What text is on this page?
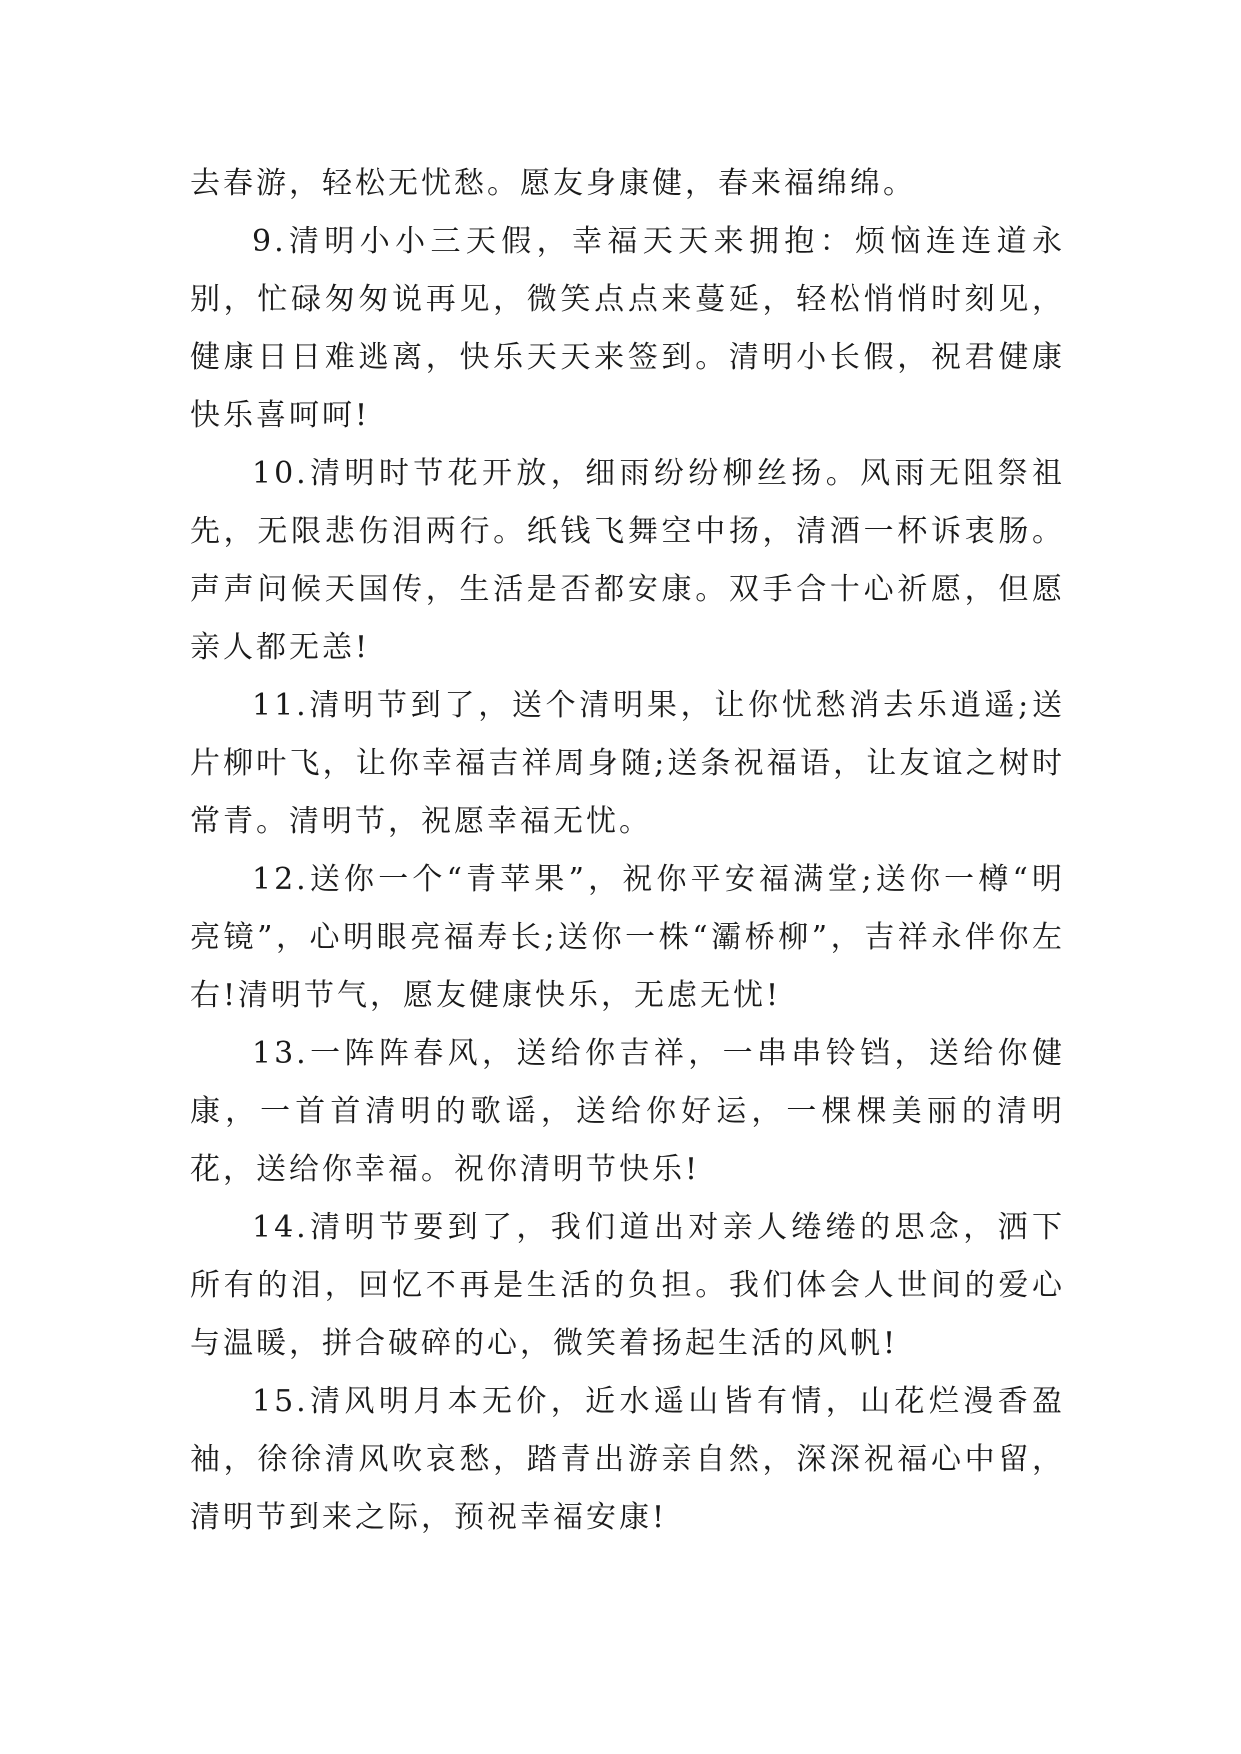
去春游，轻松无忧愁。愿友身康健，春来福绵绵。

9.清明小小三天假，幸福天天来拥抱：烦恼连连道永别，忙碌匆匆说再见，微笑点点来蔓延，轻松悄悄时刻见，健康日日难逃离，快乐天天来签到。清明小长假，祝君健康快乐喜呵呵!

10.清明时节花开放，细雨纷纷柳丝扬。风雨无阻祭祖先，无限悲伤泪两行。纸钱飞舞空中扬，清酒一杯诉衷肠。声声问候天国传，生活是否都安康。双手合十心祈愿，但愿亲人都无恙!

11.清明节到了，送个清明果，让你忧愁消去乐逍遥;送片柳叶飞，让你幸福吉祥周身随;送条祝福语，让友谊之树时常青。清明节，祝愿幸福无忧。

12.送你一个“青苹果”，祝你平安福满堂;送你一樽“明亮镜”，心明眼亮福寿长;送你一株“灞桥柳”，吉祥永伴你左右!清明节气，愿友健康快乐，无虑无忧!

13.一阵阵春风，送给你吉祥，一串串铃铛，送给你健康，一首首清明的歌谣，送给你好运，一棵棵美丽的清明花，送给你幸福。祝你清明节快乐!

14.清明节要到了，我们道出对亲人绻绻的思念，洒下所有的泪，回忆不再是生活的负担。我们体会人世间的爱心与温暖，拼合破碎的心，微笑着扬起生活的风帆!

15.清风明月本无价，近水遥山皆有情，山花烂漫香盈袖，徐徐清风吹哀愁，踏青出游亲自然，深深祝福心中留，清明节到来之际，预祝幸福安康!
